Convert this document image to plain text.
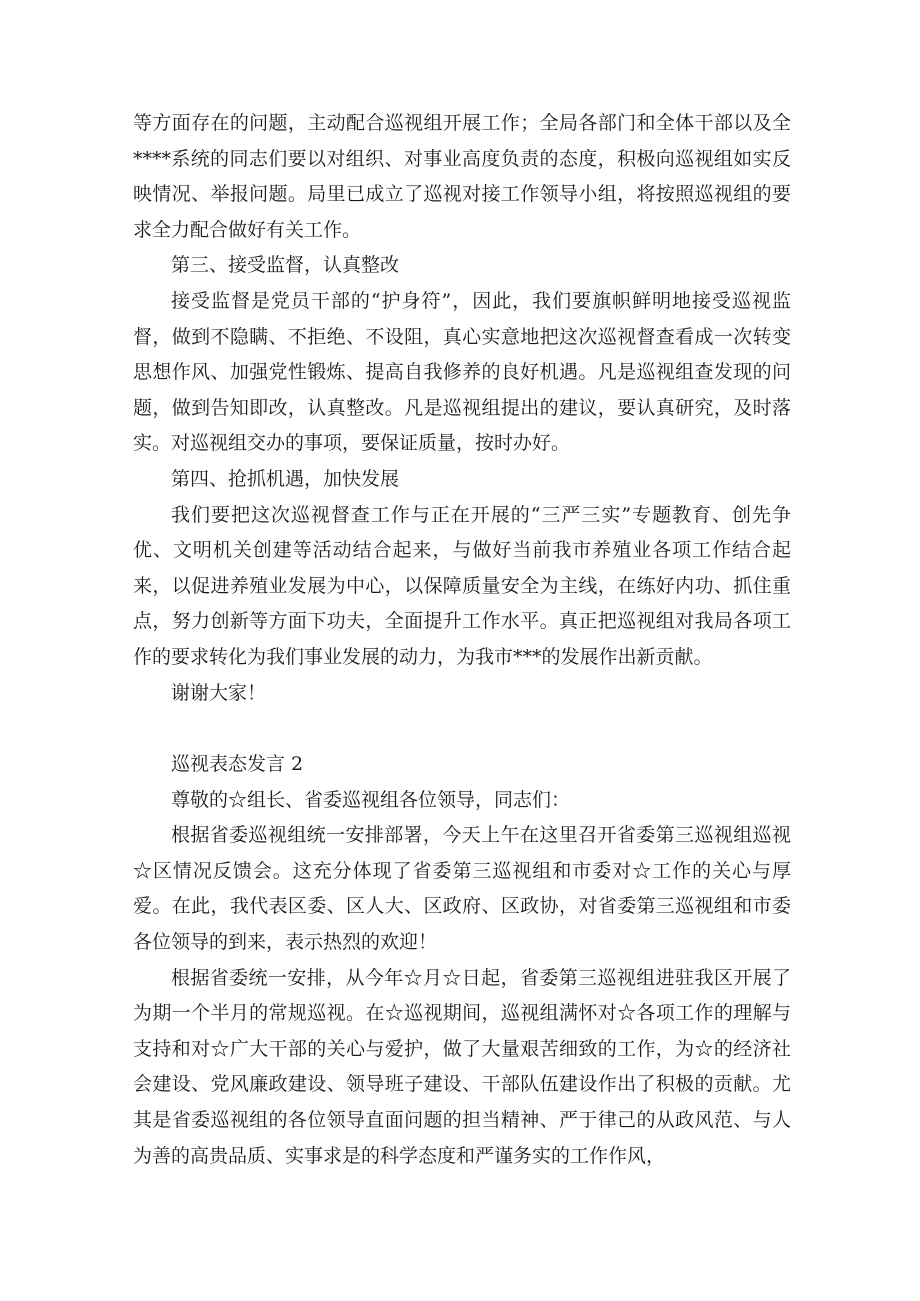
等方面存在的问题，主动配合巡视组开展工作；全局各部门和全体干部以及全****系统的同志们要以对组织、对事业高度负责的态度，积极向巡视组如实反映情况、举报问题。局里已成立了巡视对接工作领导小组，将按照巡视组的要求全力配合做好有关工作。

第三、接受监督，认真整改

接受监督是党员干部的“护身符”，因此，我们要旗帜鲜明地接受巡视监督，做到不隐瞒、不拒绝、不设阻，真心实意地把这次巡视督查看成一次转变思想作风、加强党性锻炼、提高自我修养的良好机遇。凡是巡视组查发现的问题，做到告知即改，认真整改。凡是巡视组提出的建议，要认真研究，及时落实。对巡视组交办的事项，要保证质量，按时办好。

第四、抢抓机遇，加快发展

我们要把这次巡视督查工作与正在开展的“三严三实”专题教育、创先争优、文明机关创建等活动结合起来，与做好当前我市养殖业各项工作结合起来，以促进养殖业发展为中心，以保障质量安全为主线，在练好内功、抓住重点，努力创新等方面下功夫，全面提升工作水平。真正把巡视组对我局各项工作的要求转化为我们事业发展的动力，为我市***的发展作出新贡献。

谢谢大家！

巡视表态发言 2

尊敬的☆组长、省委巡视组各位领导，同志们：

根据省委巡视组统一安排部署，今天上午在这里召开省委第三巡视组巡视☆区情况反馈会。这充分体现了省委第三巡视组和市委对☆工作的关心与厚爱。在此，我代表区委、区人大、区政府、区政协，对省委第三巡视组和市委各位领导的到来，表示热烈的欢迎！

根据省委统一安排，从今年☆月☆日起，省委第三巡视组进驻我区开展了为期一个半月的常规巡视。在☆巡视期间，巡视组满怀对☆各项工作的理解与支持和对☆广大干部的关心与爱护，做了大量艰苦细致的工作，为☆的经济社会建设、党风廉政建设、领导班子建设、干部队伍建设作出了积极的贡献。尤其是省委巡视组的各位领导直面问题的担当精神、严于律己的从政风范、与人为善的高贵品质、实事求是的科学态度和严谨务实的工作作风，
